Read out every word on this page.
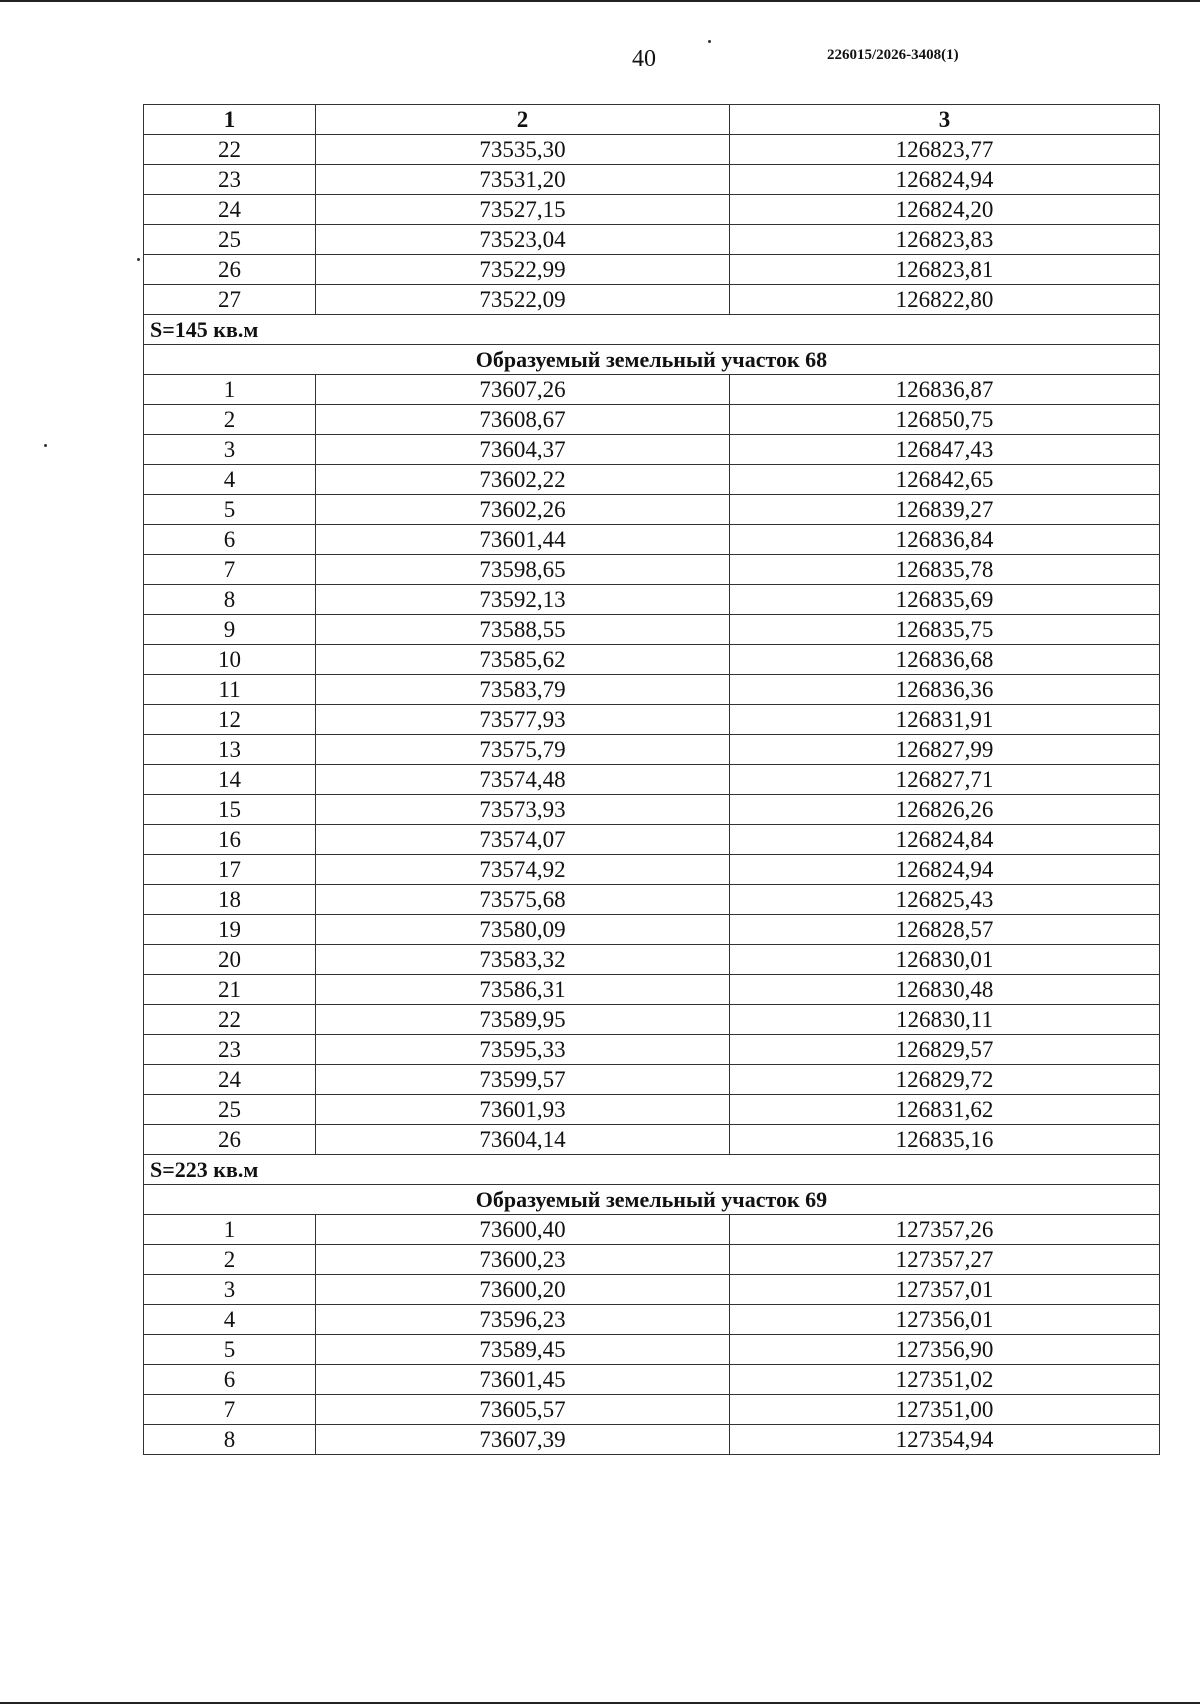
40	226015/2026-3408(1)
1	2	3
22	73535,30	126823,77
23	73531,20	126824,94
24	73527,15	126824,20
25	73523,04	126823,83
26	73522,99	126823,81
27	73522,09	126822,80
S=145 кв.м		
Образуемый земельный участок 68		
1	73607,26	126836,87
2	73608,67	126850,75
3	73604,37	126847,43
4	73602,22	126842,65
5	73602,26	126839,27
6	73601,44	126836,84
7	73598,65	126835,78
8	73592,13	126835,69
9	73588,55	126835,75
10	73585,62	126836,68
11	73583,79	126836,36
12	73577,93	126831,91
13	73575,79	126827,99
14	73574,48	126827,71
15	73573,93	126826,26
16	73574,07	126824,84
17	73574,92	126824,94
18	73575,68	126825,43
19	73580,09	126828,57
20	73583,32	126830,01
21	73586,31	126830,48
22	73589,95	126830,11
23	73595,33	126829,57
24	73599,57	126829,72
25	73601,93	126831,62
26	73604,14	126835,16
S=223 кв.м		
Образуемый земельный участок 69		
1	73600,40	127357,26
2	73600,23	127357,27
3	73600,20	127357,01
4	73596,23	127356,01
5	73589,45	127356,90
6	73601,45	127351,02
7	73605,57	127351,00
8	73607,39	127354,94
